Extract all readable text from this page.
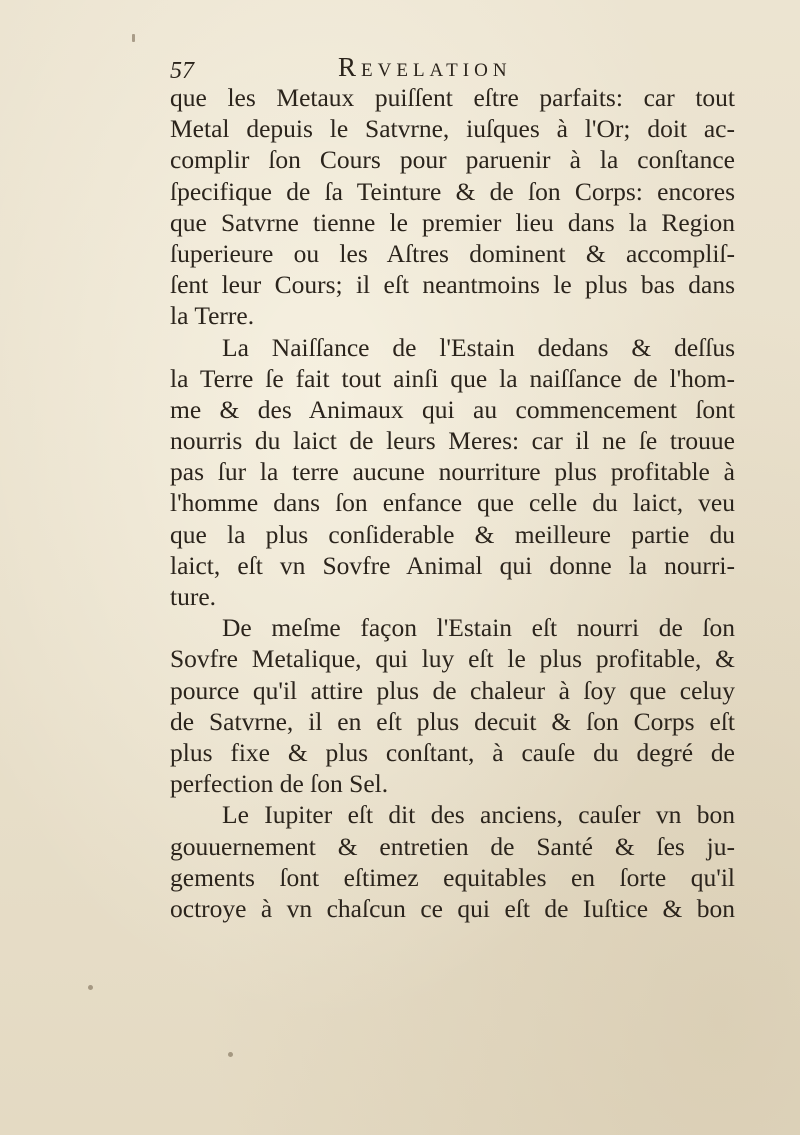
57	Revelation
que les Metaux puiſſent eſtre parfaits: car tout
Metal depuis le Satvrne, iuſques à l'Or; doit ac-
complir ſon Cours pour paruenir à la conſtance
ſpecifique de ſa Teinture & de ſon Corps: encores
que Satvrne tienne le premier lieu dans la Region
ſuperieure ou les Aſtres dominent & accompliſ-
ſent leur Cours; il eſt neantmoins le plus bas dans
la Terre.
La Naiſſance de l'Estain dedans & deſſus
la Terre ſe fait tout ainſi que la naiſſance de l'hom-
me & des Animaux qui au commencement ſont
nourris du laict de leurs Meres: car il ne ſe trouue
pas ſur la terre aucune nourriture plus profitable à
l'homme dans ſon enfance que celle du laict, veu
que la plus conſiderable & meilleure partie du
laict, eſt vn Sovfre Animal qui donne la nourri-
ture.
De meſme façon l'Estain eſt nourri de ſon
Sovfre Metalique, qui luy eſt le plus profitable, &
pource qu'il attire plus de chaleur à ſoy que celuy
de Satvrne, il en eſt plus decuit & ſon Corps eſt
plus fixe & plus conſtant, à cauſe du degré de
perfection de ſon Sel.
Le Iupiter eſt dit des anciens, cauſer vn bon
gouuernement & entretien de Santé & ſes ju-
gements ſont eſtimez equitables en ſorte qu'il
octroye à vn chaſcun ce qui eſt de Iuſtice & bon
